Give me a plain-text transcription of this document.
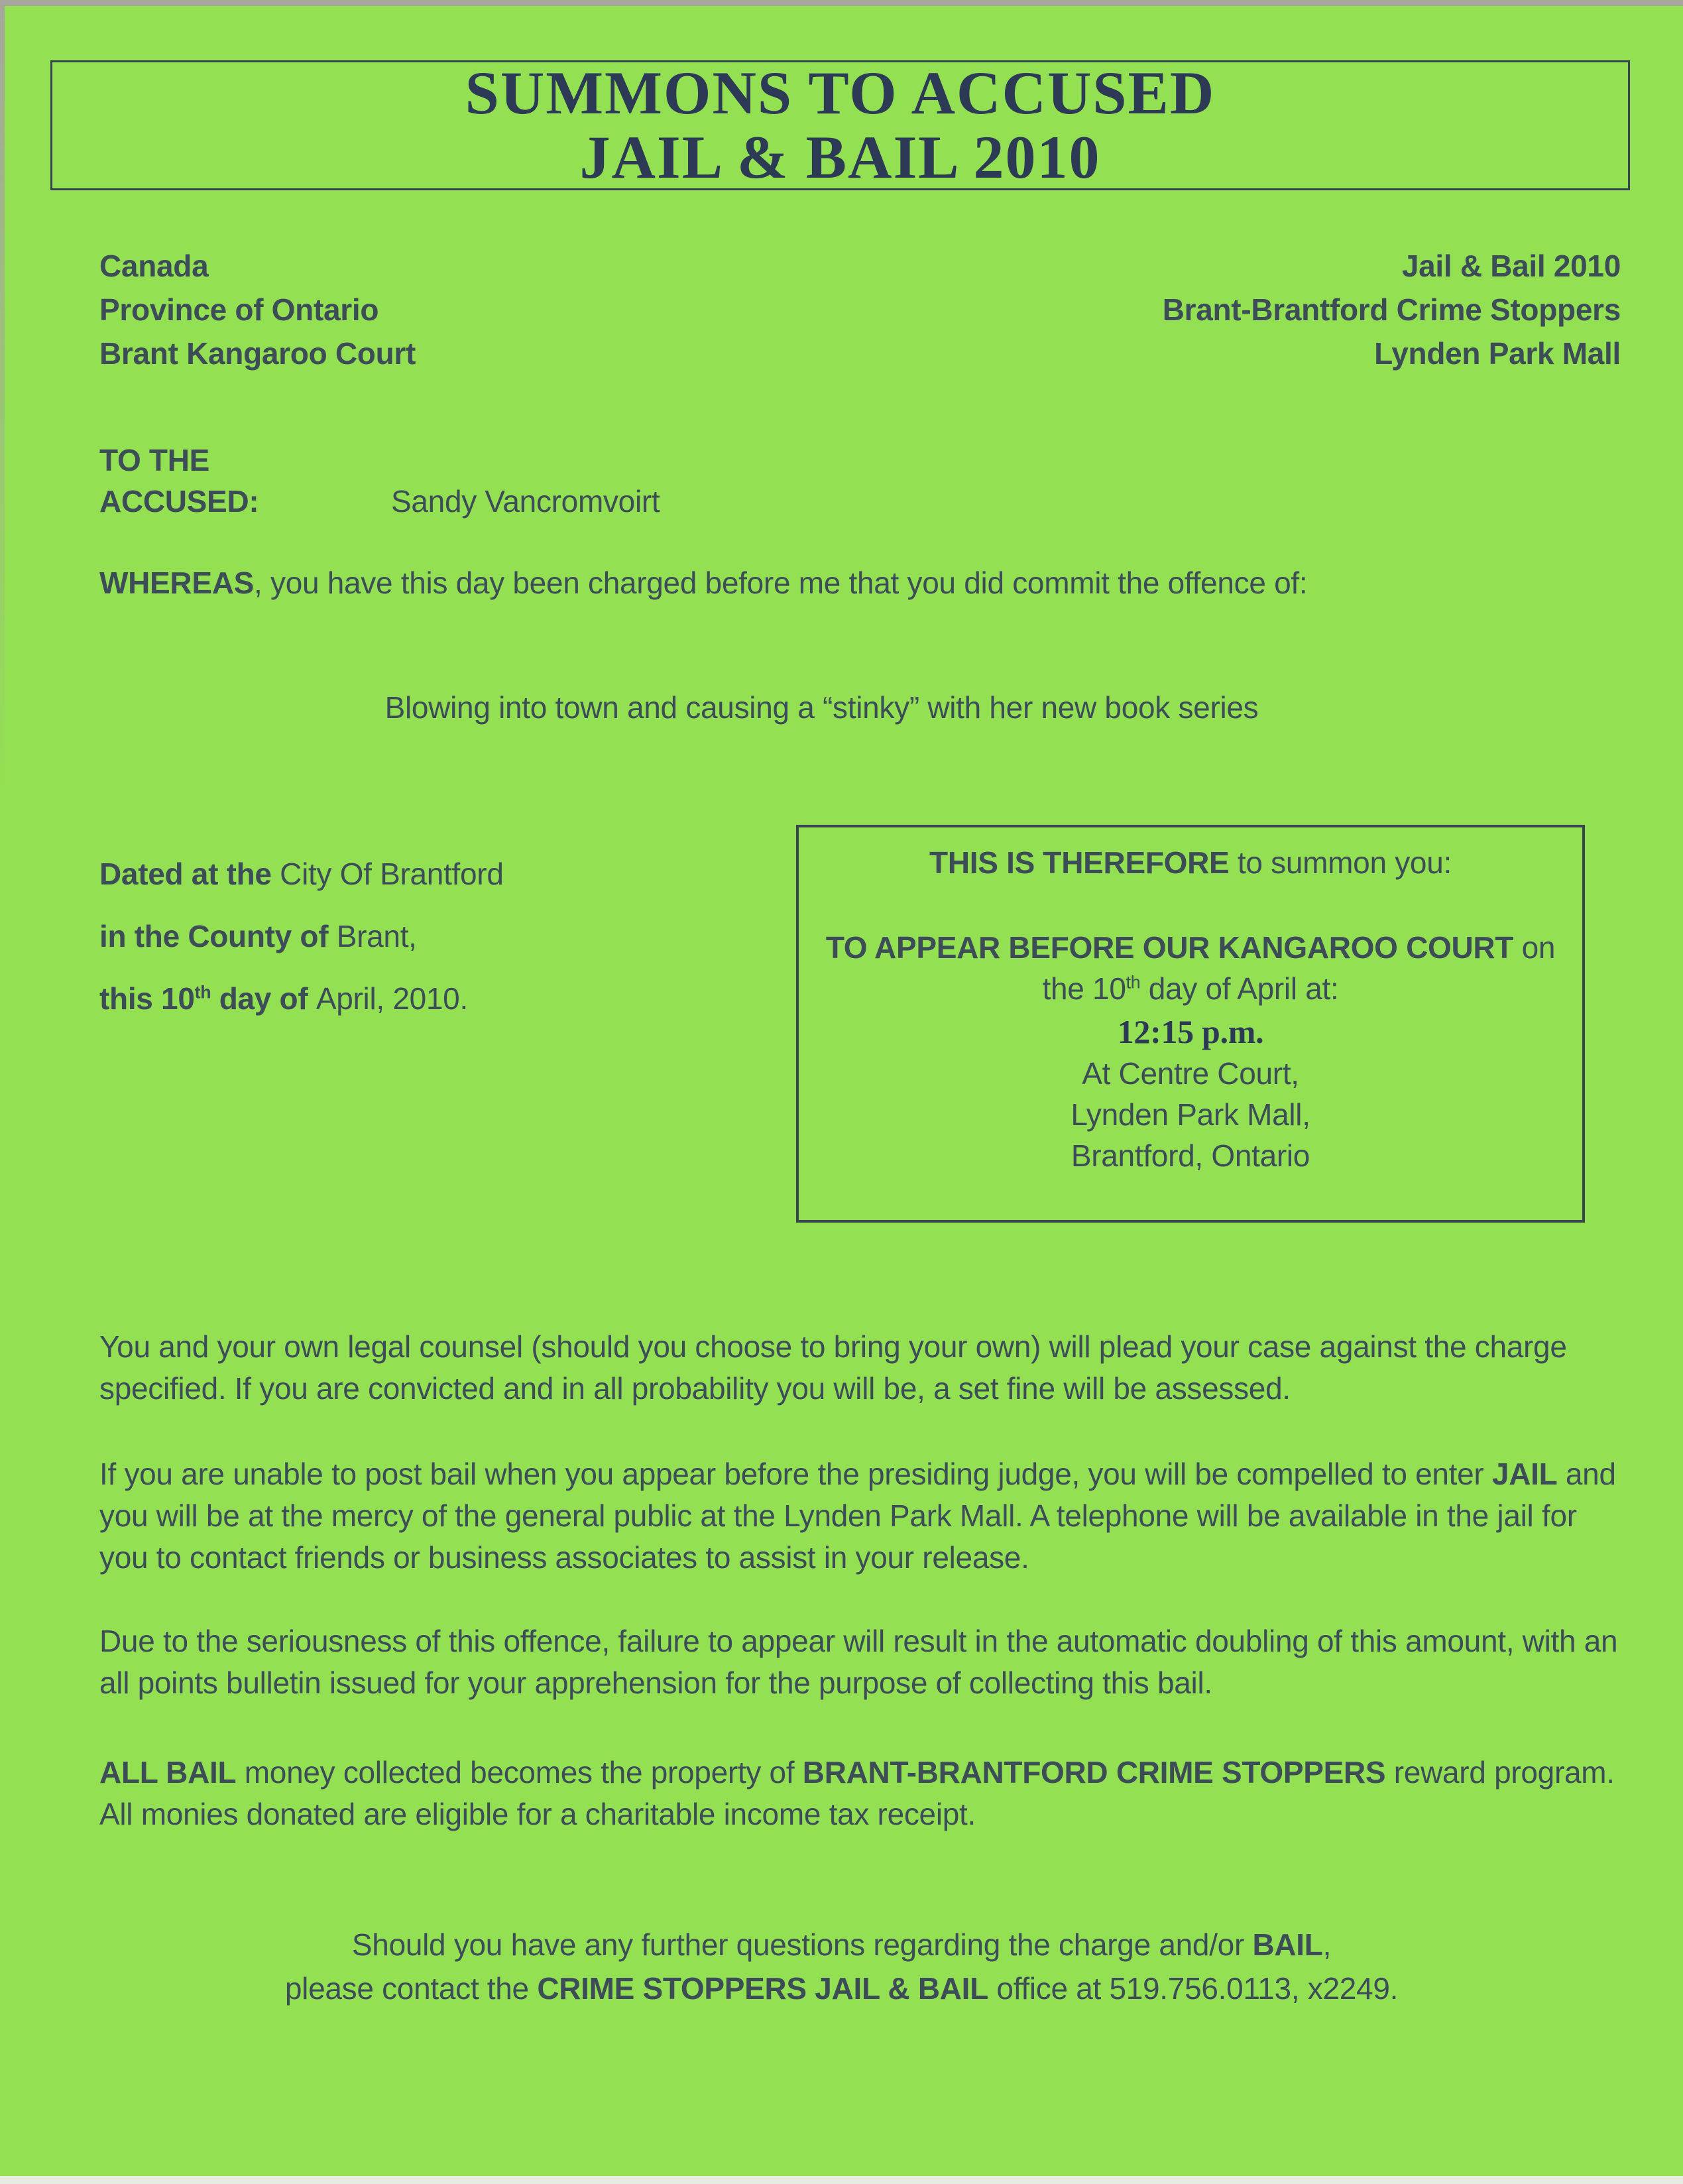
SUMMONS TO ACCUSED
JAIL & BAIL 2010
Canada
Province of Ontario
Brant Kangaroo Court
Jail & Bail 2010
Brant-Brantford Crime Stoppers
Lynden Park Mall
TO THE
ACCUSED:	Sandy Vancromvoirt
WHEREAS, you have this day been charged before me that you did commit the offence of:
Blowing into town and causing a “stinky” with her new book series
Dated at the City Of Brantford
in the County of Brant,
this 10th day of April, 2010.
THIS IS THEREFORE to summon you:
TO APPEAR BEFORE OUR KANGAROO COURT on
the 10th day of April at:
12:15 p.m.
At Centre Court,
Lynden Park Mall,
Brantford, Ontario
You and your own legal counsel (should you choose to bring your own) will plead your case against the charge specified. If you are convicted and in all probability you will be, a set fine will be assessed.
If you are unable to post bail when you appear before the presiding judge, you will be compelled to enter JAIL and you will be at the mercy of the general public at the Lynden Park Mall. A telephone will be available in the jail for you to contact friends or business associates to assist in your release.
Due to the seriousness of this offence, failure to appear will result in the automatic doubling of this amount, with an all points bulletin issued for your apprehension for the purpose of collecting this bail.
ALL BAIL money collected becomes the property of BRANT-BRANTFORD CRIME STOPPERS reward program. All monies donated are eligible for a charitable income tax receipt.
Should you have any further questions regarding the charge and/or BAIL,
please contact the CRIME STOPPERS JAIL & BAIL office at 519.756.0113, x2249.
